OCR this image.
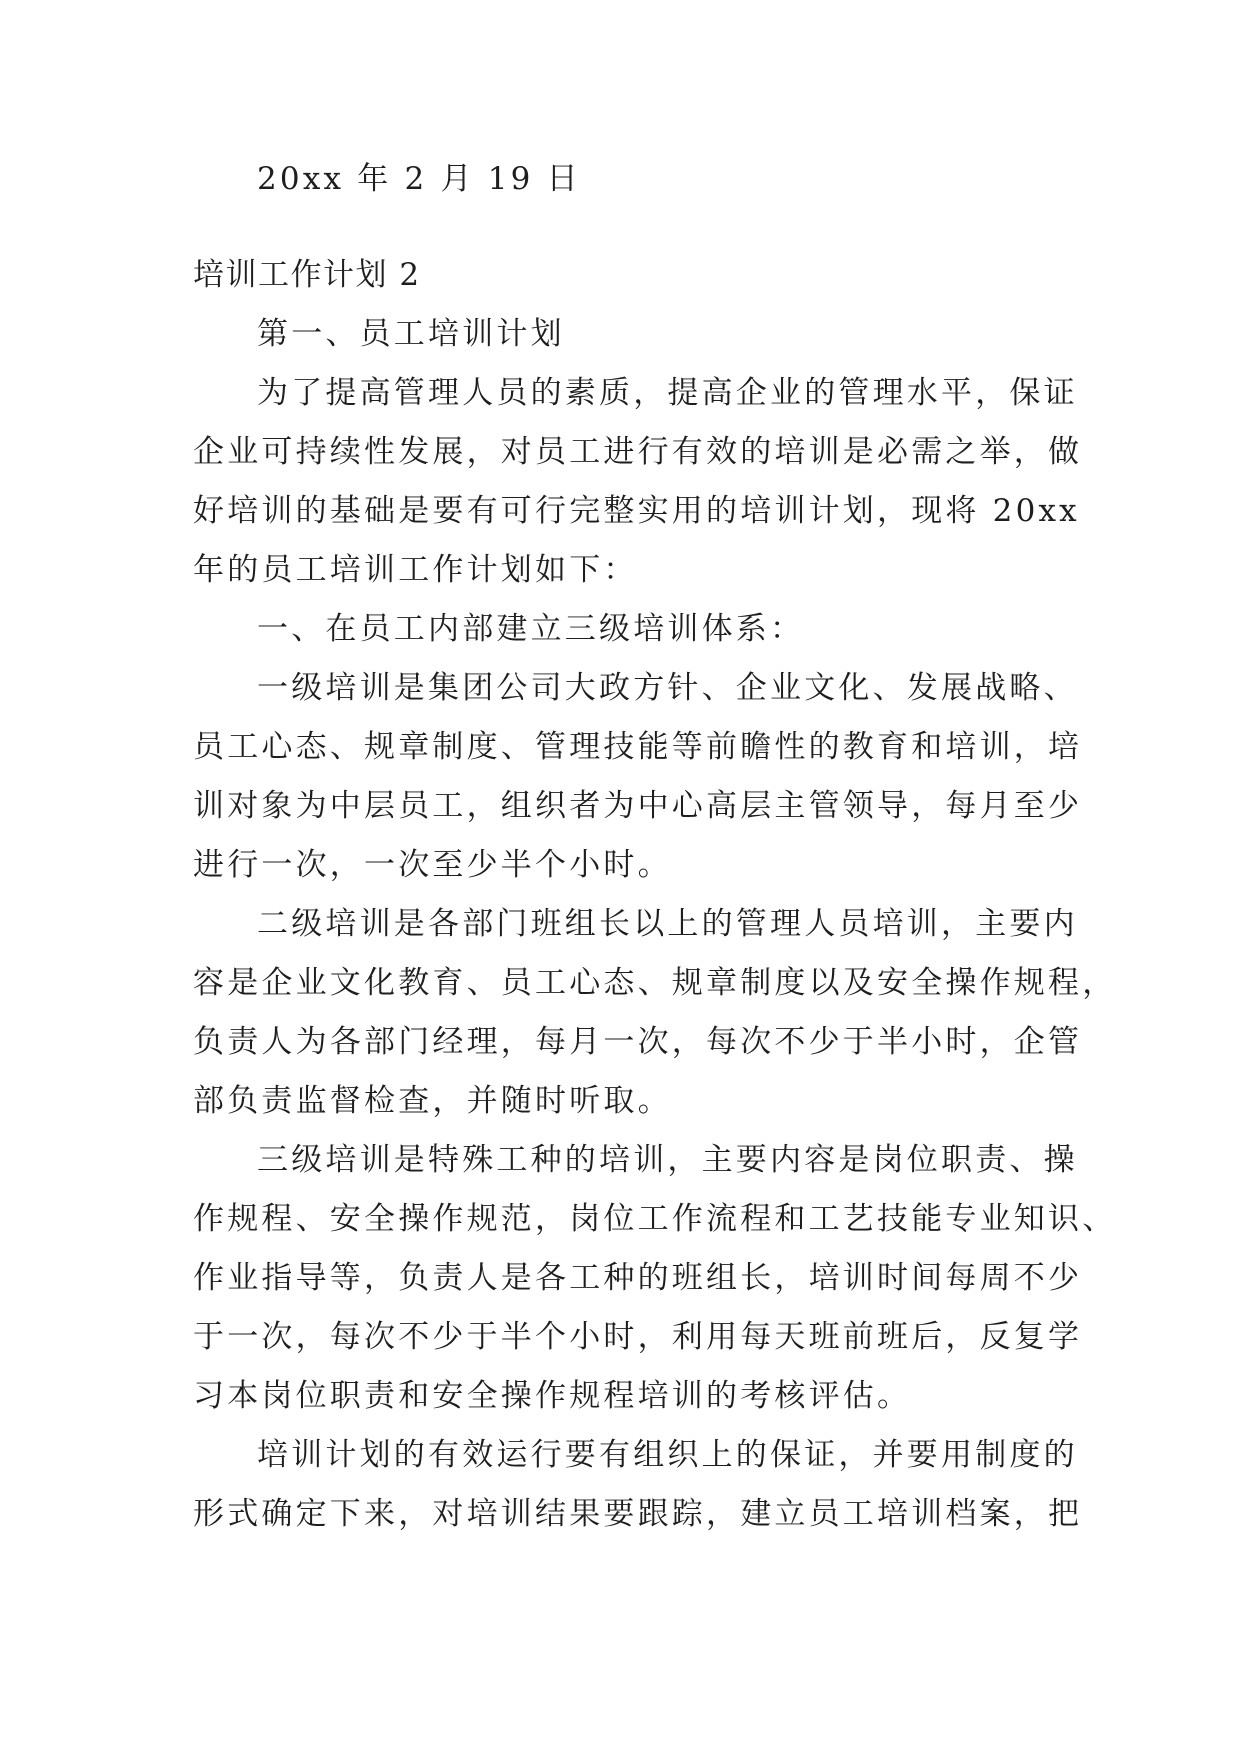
20xx 年 2 月 19 日
培训工作计划 2
第一、员工培训计划
为了提高管理人员的素质，提高企业的管理水平，保证
企业可持续性发展，对员工进行有效的培训是必需之举，做
好培训的基础是要有可行完整实用的培训计划，现将 20xx
年的员工培训工作计划如下：
一、在员工内部建立三级培训体系：
一级培训是集团公司大政方针、企业文化、发展战略、
员工心态、规章制度、管理技能等前瞻性的教育和培训，培
训对象为中层员工，组织者为中心高层主管领导，每月至少
进行一次，一次至少半个小时。
二级培训是各部门班组长以上的管理人员培训，主要内
容是企业文化教育、员工心态、规章制度以及安全操作规程，
负责人为各部门经理，每月一次，每次不少于半小时，企管
部负责监督检查，并随时听取。
三级培训是特殊工种的培训，主要内容是岗位职责、操
作规程、安全操作规范，岗位工作流程和工艺技能专业知识、
作业指导等，负责人是各工种的班组长，培训时间每周不少
于一次，每次不少于半个小时，利用每天班前班后，反复学
习本岗位职责和安全操作规程培训的考核评估。
培训计划的有效运行要有组织上的保证，并要用制度的
形式确定下来，对培训结果要跟踪，建立员工培训档案，把
